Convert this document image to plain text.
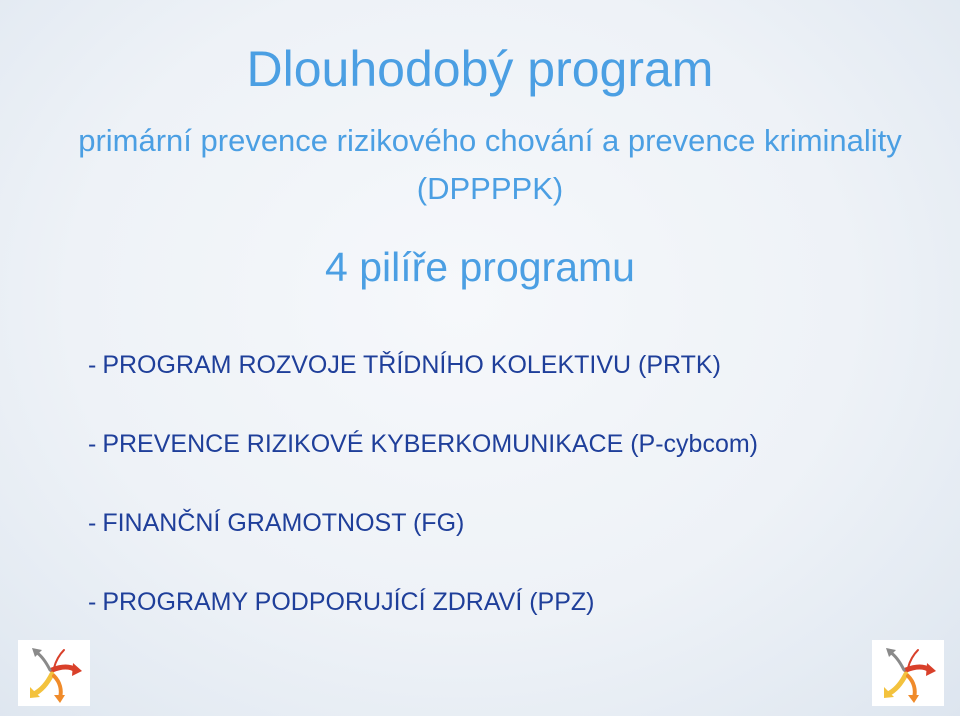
Dlouhodobý program
primární prevence rizikového chování a prevence kriminality (DPPPPK)
4 pilíře programu
- PROGRAM ROZVOJE TŘÍDNÍHO KOLEKTIVU (PRTK)
- PREVENCE RIZIKOVÉ KYBERKOMUNIKACE (P-cybcom)
- FINANČNÍ GRAMOTNOST (FG)
- PROGRAMY PODPORUJÍCÍ ZDRAVÍ (PPZ)
